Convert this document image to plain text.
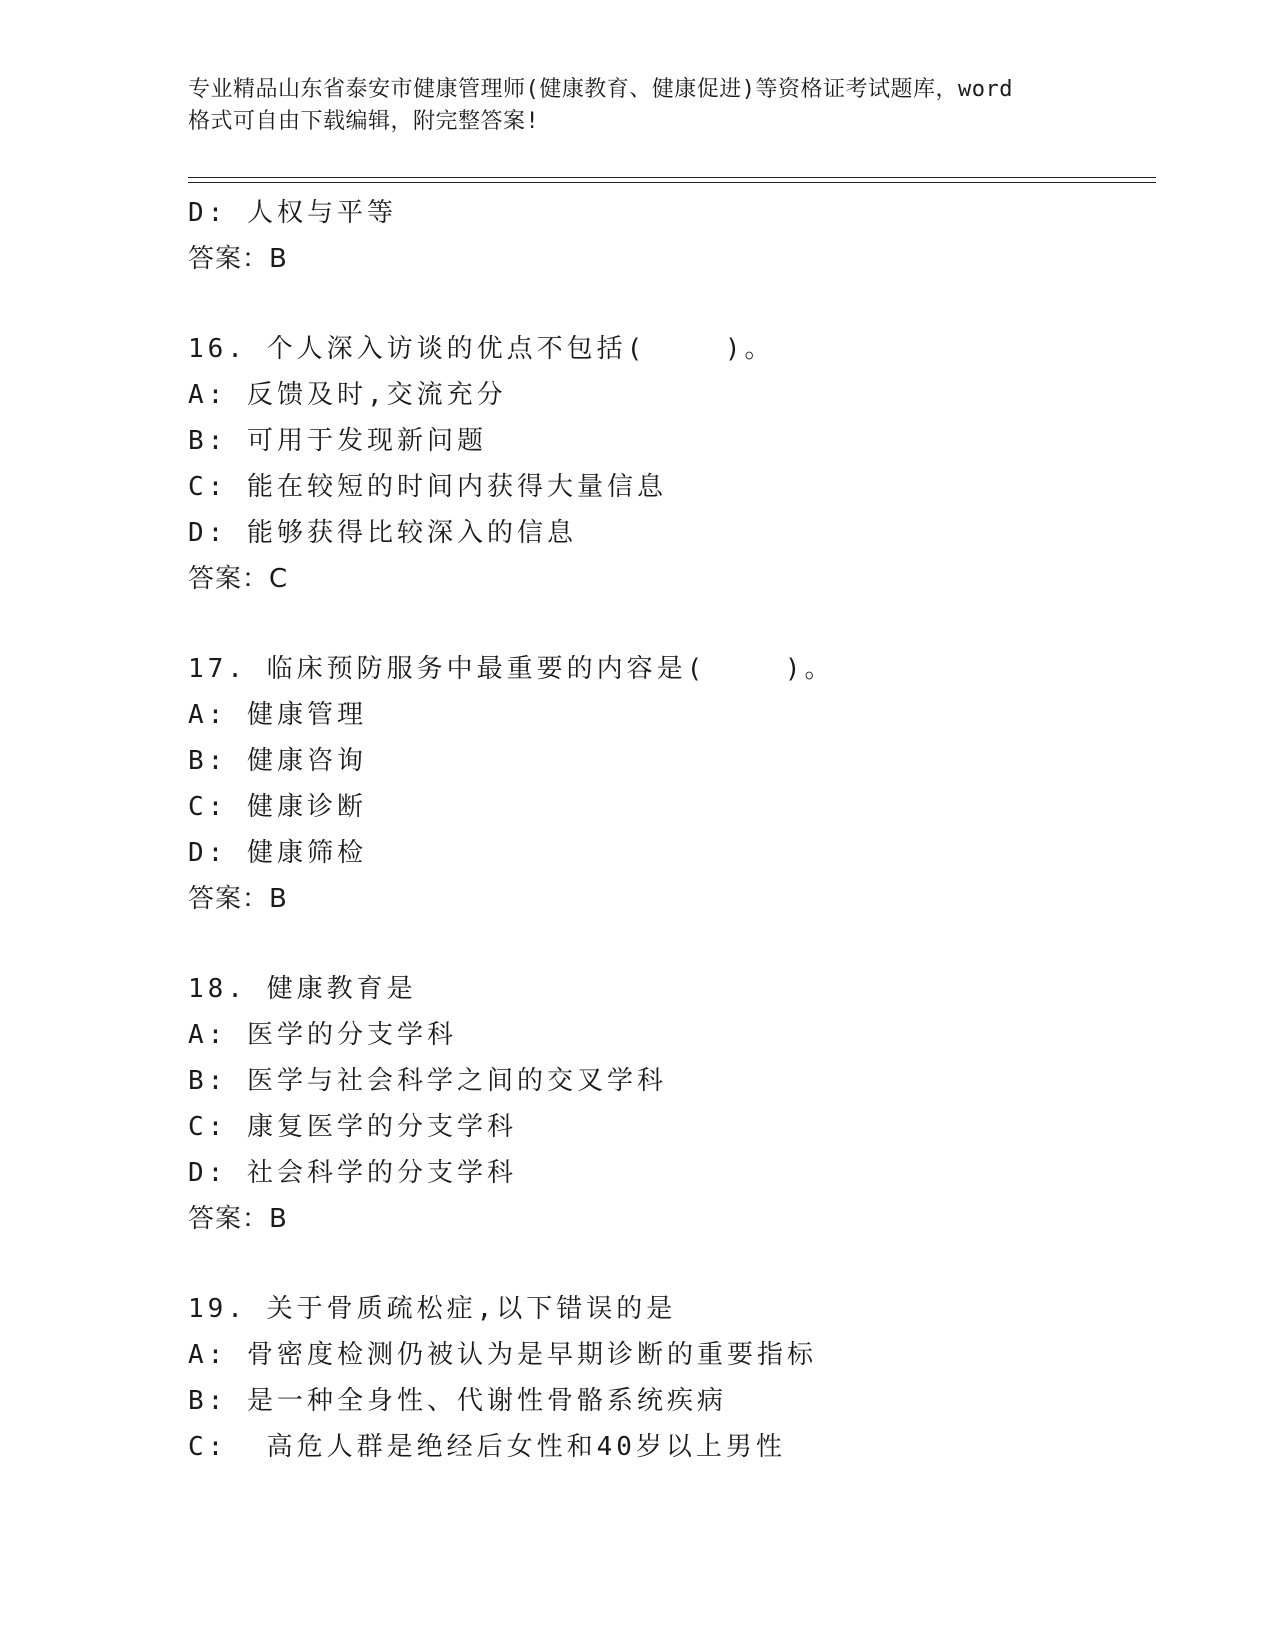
专业精品山东省泰安市健康管理师(健康教育、健康促进)等资格证考试题库，word
格式可自由下载编辑，附完整答案!
D: 人权与平等
答案：B
16. 个人深入访谈的优点不包括(    )。
A: 反馈及时,交流充分
B: 可用于发现新问题
C: 能在较短的时间内获得大量信息
D: 能够获得比较深入的信息
答案：C
17. 临床预防服务中最重要的内容是(    )。
A: 健康管理
B: 健康咨询
C: 健康诊断
D: 健康筛检
答案：B
18. 健康教育是
A: 医学的分支学科
B: 医学与社会科学之间的交叉学科
C: 康复医学的分支学科
D: 社会科学的分支学科
答案：B
19. 关于骨质疏松症,以下错误的是
A: 骨密度检测仍被认为是早期诊断的重要指标
B: 是一种全身性、代谢性骨骼系统疾病
C:  高危人群是绝经后女性和40岁以上男性
